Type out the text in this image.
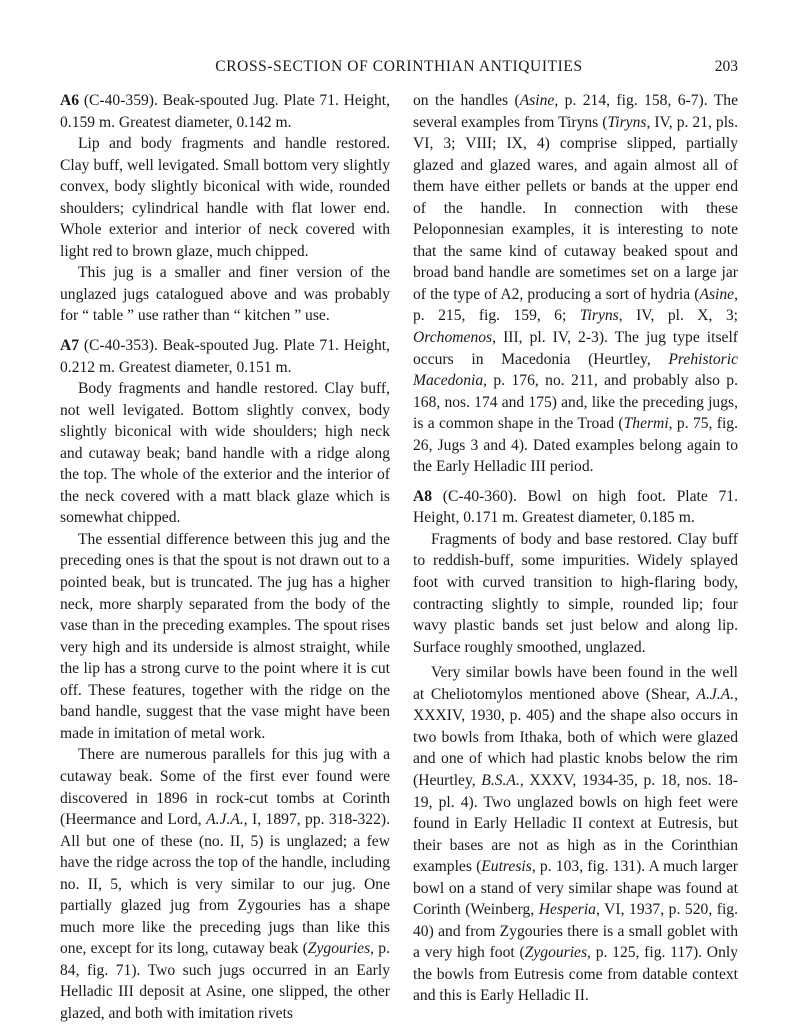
CROSS-SECTION OF CORINTHIAN ANTIQUITIES	203

A6 (C-40-359). Beak-spouted Jug. Plate 71. Height, 0.159 m. Greatest diameter, 0.142 m.

Lip and body fragments and handle restored. Clay buff, well levigated. Small bottom very slightly convex, body slightly biconical with wide, rounded shoulders; cylindrical handle with flat lower end. Whole exterior and interior of neck covered with light red to brown glaze, much chipped.

This jug is a smaller and finer version of the unglazed jugs catalogued above and was probably for “ table ” use rather than “ kitchen ” use.

A7 (C-40-353). Beak-spouted Jug. Plate 71. Height, 0.212 m. Greatest diameter, 0.151 m.

Body fragments and handle restored. Clay buff, not well levigated. Bottom slightly convex, body slightly biconical with wide shoulders; high neck and cutaway beak; band handle with a ridge along the top. The whole of the exterior and the interior of the neck covered with a matt black glaze which is somewhat chipped.

The essential difference between this jug and the preceding ones is that the spout is not drawn out to a pointed beak, but is truncated. The jug has a higher neck, more sharply separated from the body of the vase than in the preceding examples. The spout rises very high and its underside is almost straight, while the lip has a strong curve to the point where it is cut off. These features, together with the ridge on the band handle, suggest that the vase might have been made in imitation of metal work.

There are numerous parallels for this jug with a cutaway beak. Some of the first ever found were discovered in 1896 in rock-cut tombs at Corinth (Heermance and Lord, A.J.A., I, 1897, pp. 318-322). All but one of these (no. II, 5) is unglazed; a few have the ridge across the top of the handle, including no. II, 5, which is very similar to our jug. One partially glazed jug from Zygouries has a shape much more like the preceding jugs than like this one, except for its long, cutaway beak (Zygouries, p. 84, fig. 71). Two such jugs occurred in an Early Helladic III deposit at Asine, one slipped, the other glazed, and both with imitation rivets

on the handles (Asine, p. 214, fig. 158, 6-7). The several examples from Tiryns (Tiryns, IV, p. 21, pls. VI, 3; VIII; IX, 4) comprise slipped, partially glazed and glazed wares, and again almost all of them have either pellets or bands at the upper end of the handle. In connection with these Peloponnesian examples, it is interesting to note that the same kind of cutaway beaked spout and broad band handle are sometimes set on a large jar of the type of A2, producing a sort of hydria (Asine, p. 215, fig. 159, 6; Tiryns, IV, pl. X, 3; Orchomenos, III, pl. IV, 2-3). The jug type itself occurs in Macedonia (Heurtley, Prehistoric Macedonia, p. 176, no. 211, and probably also p. 168, nos. 174 and 175) and, like the preceding jugs, is a common shape in the Troad (Thermi, p. 75, fig. 26, Jugs 3 and 4). Dated examples belong again to the Early Helladic III period.

A8 (C-40-360). Bowl on high foot. Plate 71. Height, 0.171 m. Greatest diameter, 0.185 m.

Fragments of body and base restored. Clay buff to reddish-buff, some impurities. Widely splayed foot with curved transition to high-flaring body, contracting slightly to simple, rounded lip; four wavy plastic bands set just below and along lip. Surface roughly smoothed, unglazed.

Very similar bowls have been found in the well at Cheliotomylos mentioned above (Shear, A.J.A., XXXIV, 1930, p. 405) and the shape also occurs in two bowls from Ithaka, both of which were glazed and one of which had plastic knobs below the rim (Heurtley, B.S.A., XXXV, 1934-35, p. 18, nos. 18-19, pl. 4). Two unglazed bowls on high feet were found in Early Helladic II context at Eutresis, but their bases are not as high as in the Corinthian examples (Eutresis, p. 103, fig. 131). A much larger bowl on a stand of very similar shape was found at Corinth (Weinberg, Hesperia, VI, 1937, p. 520, fig. 40) and from Zygouries there is a small goblet with a very high foot (Zygouries, p. 125, fig. 117). Only the bowls from Eutresis come from datable context and this is Early Helladic II.
